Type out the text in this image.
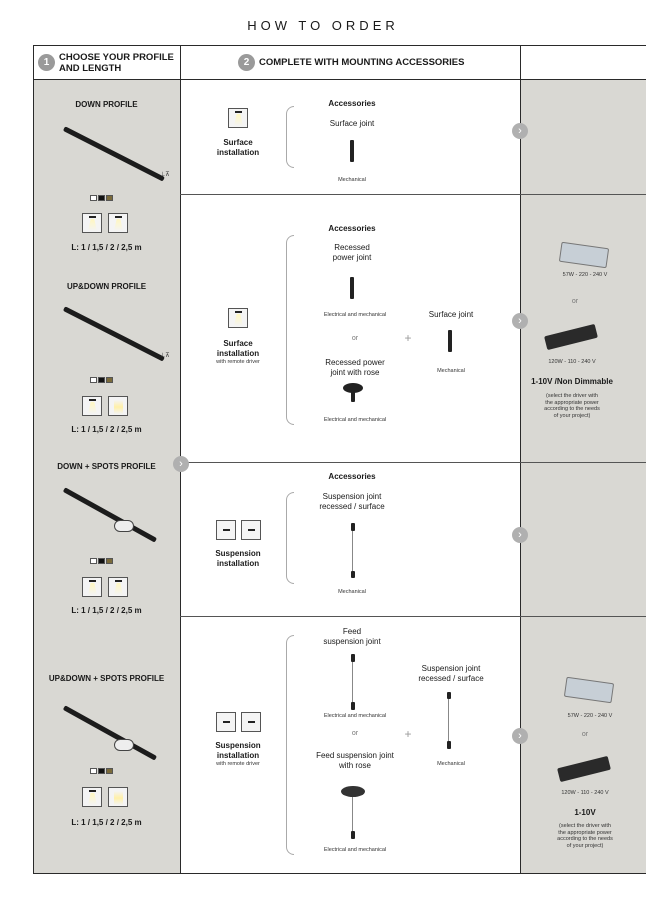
HOW TO ORDER
1	CHOOSE YOUR PROFILE
AND LENGTH
2	COMPLETE WITH MOUNTING ACCESSORIES
DOWN PROFILE
⊥⊼
L: 1 / 1,5 / 2 / 2,5 m
UP&DOWN PROFILE
⊥⊼
L: 1 / 1,5 / 2 / 2,5 m
DOWN + SPOTS PROFILE
L: 1 / 1,5 / 2 / 2,5 m
UP&DOWN + SPOTS PROFILE
L: 1 / 1,5 / 2 / 2,5 m
›
Surface
installation
Accessories
Surface joint
Mechanical
›
Surface
installation
with remote driver
Accessories
Recessed
power joint
Electrical and mechanical
or
Recessed power
joint with rose
Electrical and mechanical
+
Surface joint
Mechanical
›
57W - 220 - 240 V
or
120W - 110 - 240 V
1-10V /Non Dimmable
(select the driver with
the appropriate power
according to the needs
of your project)
Suspension
installation
Accessories
Suspension joint
recessed / surface
Mechanical
›
Suspension
installation
with remote driver
Feed
suspension joint
Electrical and mechanical
or
Feed suspension joint
with rose
Electrical and mechanical
+
Suspension joint
recessed / surface
Mechanical
›
57W - 220 - 240 V
or
120W - 110 - 240 V
1-10V
(select the driver with
the appropriate power
according to the needs
of your project)
